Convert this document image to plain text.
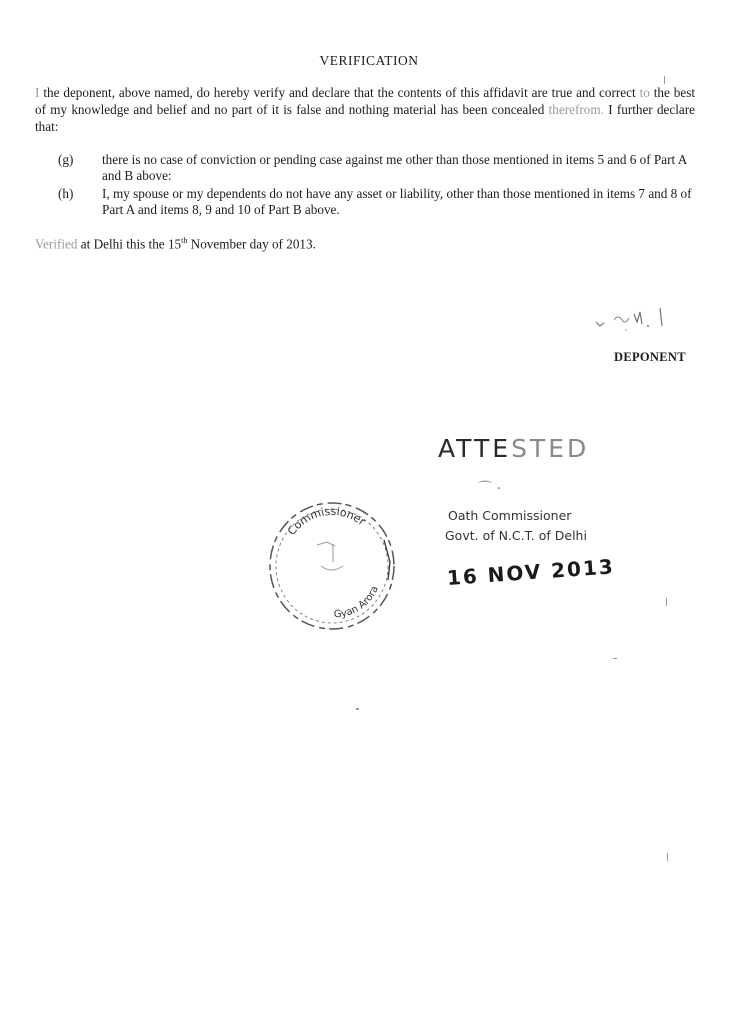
VERIFICATION
I the deponent, above named, do hereby verify and declare that the contents of this affidavit are true and correct to the best of my knowledge and belief and no part of it is false and nothing material has been concealed therefrom. I further declare that:
(g)	there is no case of conviction or pending case against me other than those mentioned in items 5 and 6 of Part A and B above:
(h)	I, my spouse or my dependents do not have any asset or liability, other than those mentioned in items 7 and 8 of Part A and items 8, 9 and 10 of Part B above.
Verified at Delhi this the 15th November day of 2013.
DEPONENT
ATTESTED
⌒ ·
Oath Commissioner
Govt. of N.C.T. of Delhi
16 NOV 2013
Commissioner
Gyan Arora
